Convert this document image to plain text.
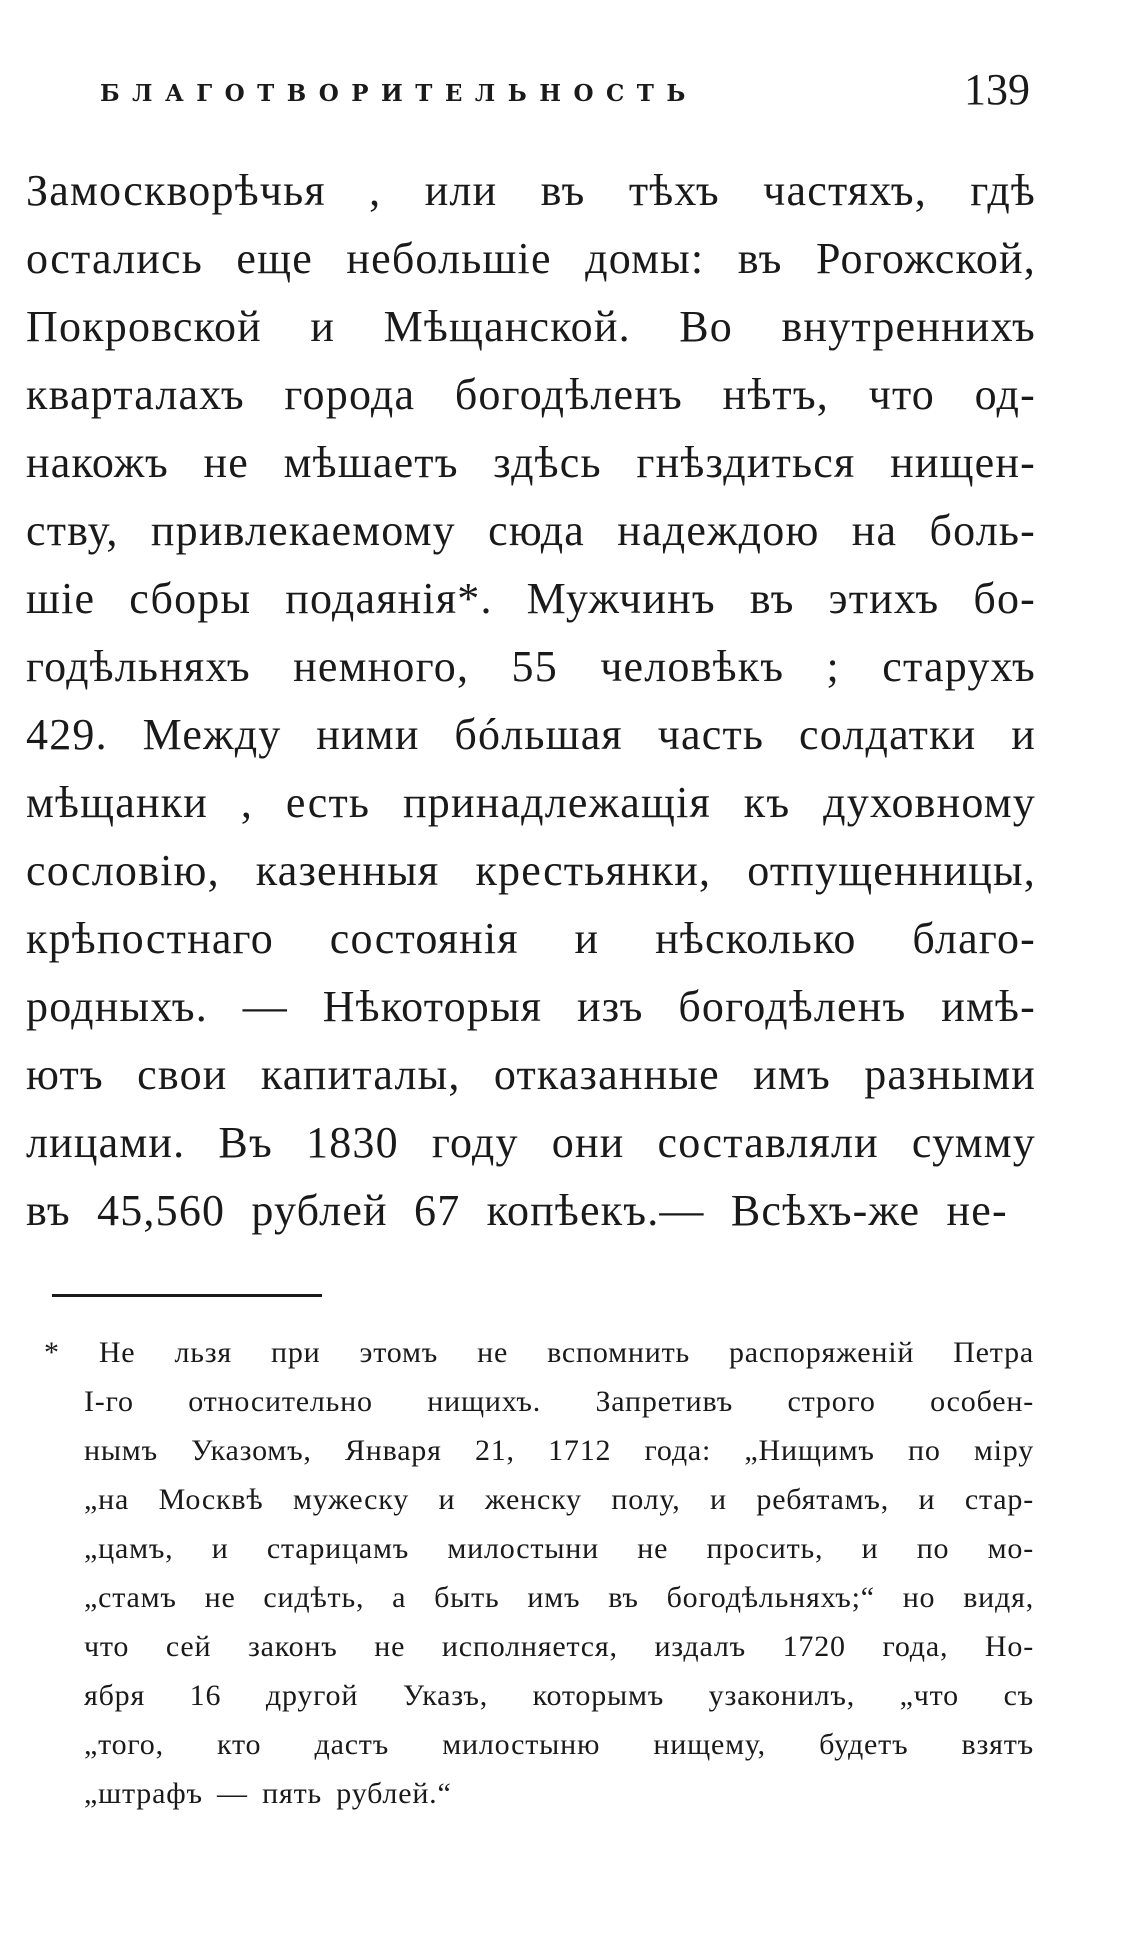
БЛАГОТВОРИТЕЛЬНОСТЬ	139
Замоскворѣчья , или въ тѣхъ частяхъ, гдѣ
остались еще небольшіе домы: въ Рогожской,
Покровской и Мѣщанской. Во внутреннихъ
кварталахъ города богодѣленъ нѣтъ, что од-
накожъ не мѣшаетъ здѣсь гнѣздиться нищен-
ству, привлекаемому сюда надеждою на боль-
шіе сборы подаянія*. Мужчинъ въ этихъ бо-
годѣльняхъ немного, 55 человѣкъ ; старухъ
429. Между ними бóльшая часть солдатки и
мѣщанки , есть принадлежащія къ духовному
сословію, казенныя крестьянки, отпущенницы,
крѣпостнаго состоянія и нѣсколько благо-
родныхъ. — Нѣкоторыя изъ богодѣленъ имѣ-
ютъ свои капиталы, отказанные имъ разными
лицами. Въ 1830 году они составляли сумму
въ 45,560 рублей 67 копѣекъ.— Всѣхъ-же не-
* Не льзя при этомъ не вспомнить распоряженій Петра
I-го относительно нищихъ. Запретивъ строго особен-
нымъ Указомъ, Января 21, 1712 года: „Нищимъ по міру
„на Москвѣ мужеску и женску полу, и ребятамъ, и стар-
„цамъ, и старицамъ милостыни не просить, и по мо-
„стамъ не сидѣть, а быть имъ въ богодѣльняхъ;“ но видя,
что сей законъ не исполняется, издалъ 1720 года, Но-
ября 16 другой Указъ, которымъ узаконилъ, „что съ
„того, кто дастъ милостыню нищему, будетъ взятъ
„штрафъ — пять рублей.“
